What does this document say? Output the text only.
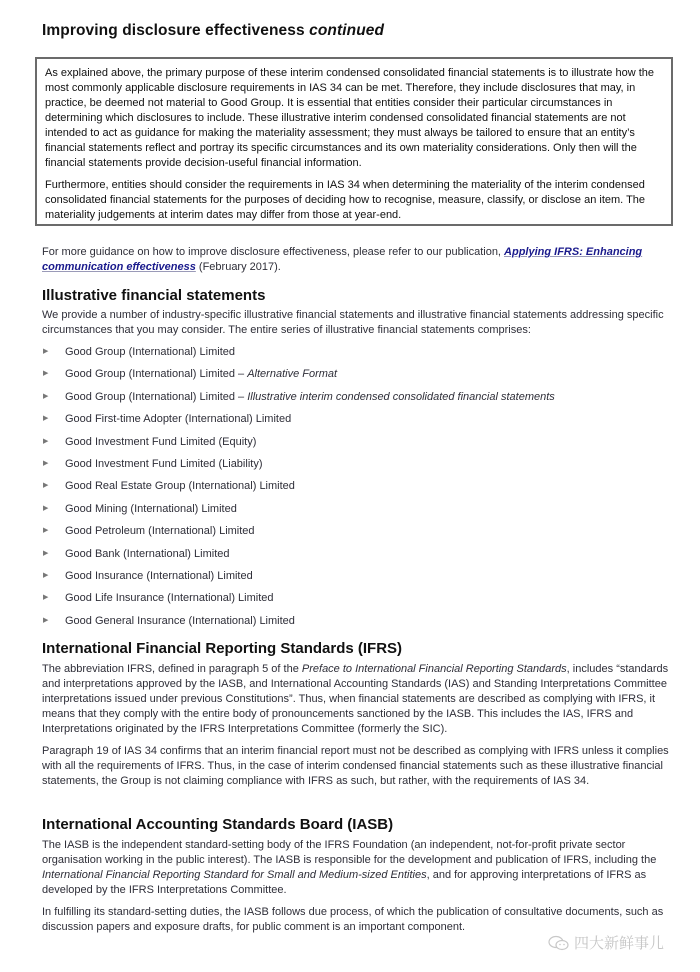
Improving disclosure effectiveness continued

As explained above, the primary purpose of these interim condensed consolidated financial statements is to illustrate how the most commonly applicable disclosure requirements in IAS 34 can be met. Therefore, they include disclosures that may, in practice, be deemed not material to Good Group. It is essential that entities consider their particular circumstances in determining which disclosures to include. These illustrative interim condensed consolidated financial statements are not intended to act as guidance for making the materiality assessment; they must always be tailored to ensure that an entity’s financial statements reflect and portray its specific circumstances and its own materiality considerations. Only then will the financial statements provide decision-useful financial information.

Furthermore, entities should consider the requirements in IAS 34 when determining the materiality of the interim condensed consolidated financial statements for the purposes of deciding how to recognise, measure, classify, or disclose an item. The materiality judgements at interim dates may differ from those at year-end.

For more guidance on how to improve disclosure effectiveness, please refer to our publication, Applying IFRS: Enhancing communication effectiveness (February 2017).

Illustrative financial statements

We provide a number of industry-specific illustrative financial statements and illustrative financial statements addressing specific circumstances that you may consider. The entire series of illustrative financial statements comprises:

▶	Good Group (International) Limited
▶	Good Group (International) Limited – Alternative Format
▶	Good Group (International) Limited – Illustrative interim condensed consolidated financial statements
▶	Good First-time Adopter (International) Limited
▶	Good Investment Fund Limited (Equity)
▶	Good Investment Fund Limited (Liability)
▶	Good Real Estate Group (International) Limited
▶	Good Mining (International) Limited
▶	Good Petroleum (International) Limited
▶	Good Bank (International) Limited
▶	Good Insurance (International) Limited
▶	Good Life Insurance (International) Limited
▶	Good General Insurance (International) Limited
International Financial Reporting Standards (IFRS)

The abbreviation IFRS, defined in paragraph 5 of the Preface to International Financial Reporting Standards, includes “standards and interpretations approved by the IASB, and International Accounting Standards (IAS) and Standing Interpretations Committee interpretations issued under previous Constitutions”. Thus, when financial statements are described as complying with IFRS, it means that they comply with the entire body of pronouncements sanctioned by the IASB. This includes the IAS, IFRS and Interpretations originated by the IFRS Interpretations Committee (formerly the SIC).

Paragraph 19 of IAS 34 confirms that an interim financial report must not be described as complying with IFRS unless it complies with all the requirements of IFRS. Thus, in the case of interim condensed financial statements such as these illustrative financial statements, the Group is not claiming compliance with IFRS as such, but rather, with the requirements of IAS 34.

International Accounting Standards Board (IASB)

The IASB is the independent standard-setting body of the IFRS Foundation (an independent, not-for-profit private sector organisation working in the public interest). The IASB is responsible for the development and publication of IFRS, including the International Financial Reporting Standard for Small and Medium-sized Entities, and for approving interpretations of IFRS as developed by the IFRS Interpretations Committee.

In fulfilling its standard-setting duties, the IASB follows due process, of which the publication of consultative documents, such as discussion papers and exposure drafts, for public comment is an important component.

四大新鲜事儿
